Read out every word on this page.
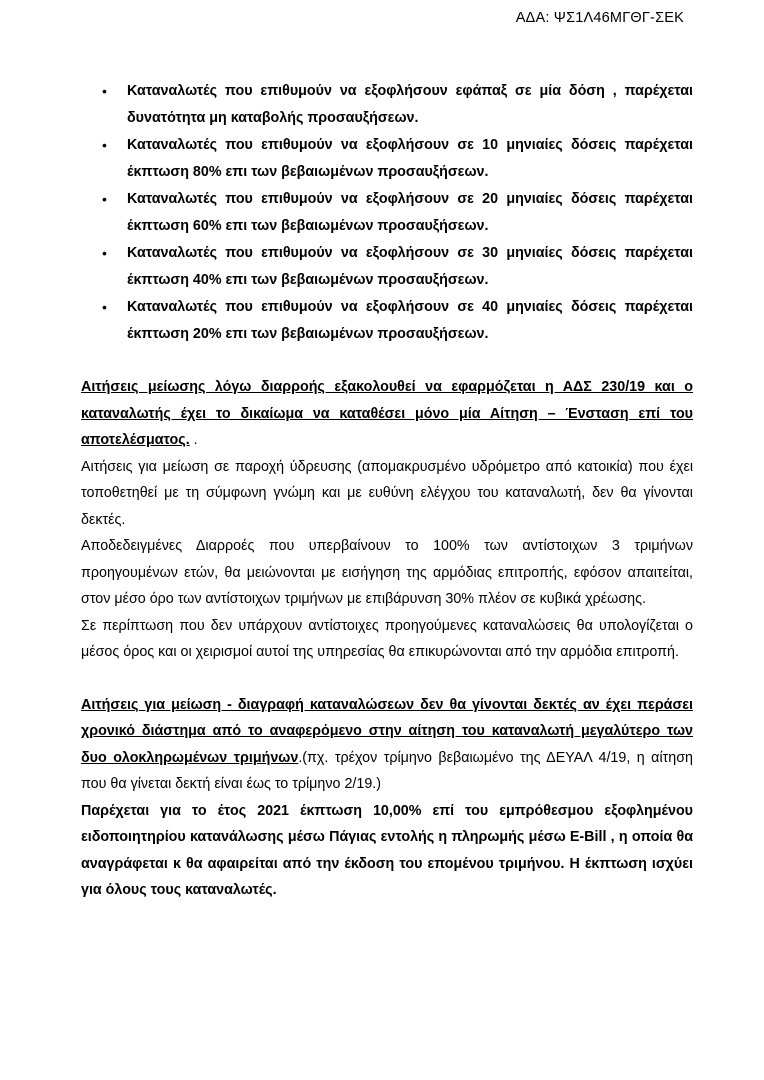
ΑΔΑ: ΨΣ1Λ46ΜΓΘΓ-ΣΕΚ
• Καταναλωτές που επιθυμούν να εξοφλήσουν εφάπαξ σε μία δόση , παρέχεται δυνατότητα μη καταβολής προσαυξήσεων.
• Καταναλωτές που επιθυμούν να εξοφλήσουν σε 10 μηνιαίες δόσεις παρέχεται έκπτωση 80% επι των βεβαιωμένων προσαυξήσεων.
• Καταναλωτές που επιθυμούν να εξοφλήσουν σε 20 μηνιαίες δόσεις παρέχεται έκπτωση 60% επι των βεβαιωμένων προσαυξήσεων.
• Καταναλωτές που επιθυμούν να εξοφλήσουν σε 30 μηνιαίες δόσεις παρέχεται έκπτωση 40% επι των βεβαιωμένων προσαυξήσεων.
• Καταναλωτές που επιθυμούν να εξοφλήσουν σε 40 μηνιαίες δόσεις παρέχεται έκπτωση 20% επι των βεβαιωμένων προσαυξήσεων.

Αιτήσεις μείωσης λόγω διαρροής εξακολουθεί να εφαρμόζεται η ΑΔΣ 230/19 και ο καταναλωτής έχει το δικαίωμα να καταθέσει μόνο μία Αίτηση – Ένσταση επί του αποτελέσματος. .

Αιτήσεις για μείωση σε παροχή ύδρευσης (απομακρυσμένο υδρόμετρο από κατοικία) που έχει τοποθετηθεί με τη σύμφωνη γνώμη και με ευθύνη ελέγχου του καταναλωτή, δεν θα γίνονται δεκτές.

Αποδεδειγμένες Διαρροές που υπερβαίνουν το 100% των αντίστοιχων 3 τριμήνων προηγουμένων ετών, θα μειώνονται με εισήγηση της αρμόδιας επιτροπής, εφόσον απαιτείται, στον μέσο όρο των αντίστοιχων τριμήνων με επιβάρυνση 30% πλέον σε κυβικά χρέωσης.

Σε περίπτωση που δεν υπάρχουν αντίστοιχες προηγούμενες καταναλώσεις θα υπολογίζεται ο μέσος όρος και οι χειρισμοί αυτοί της υπηρεσίας θα επικυρώνονται από την αρμόδια επιτροπή.

Αιτήσεις για μείωση - διαγραφή καταναλώσεων δεν θα γίνονται δεκτές αν έχει περάσει χρονικό διάστημα από το αναφερόμενο στην αίτηση του καταναλωτή μεγαλύτερο των δυο ολοκληρωμένων τριμήνων.(πχ. τρέχον τρίμηνο βεβαιωμένο της ΔΕΥΑΛ 4/19, η αίτηση που θα γίνεται δεκτή είναι έως το τρίμηνο 2/19.)

Παρέχεται για το έτος 2021 έκπτωση 10,00% επί του εμπρόθεσμου εξοφλημένου ειδοποιητηρίου κατανάλωσης μέσω Πάγιας εντολής η πληρωμής μέσω E-Bill , η οποία θα αναγράφεται κ θα αφαιρείται από την έκδοση του επομένου τριμήνου. Η έκπτωση ισχύει για όλους τους καταναλωτές.
